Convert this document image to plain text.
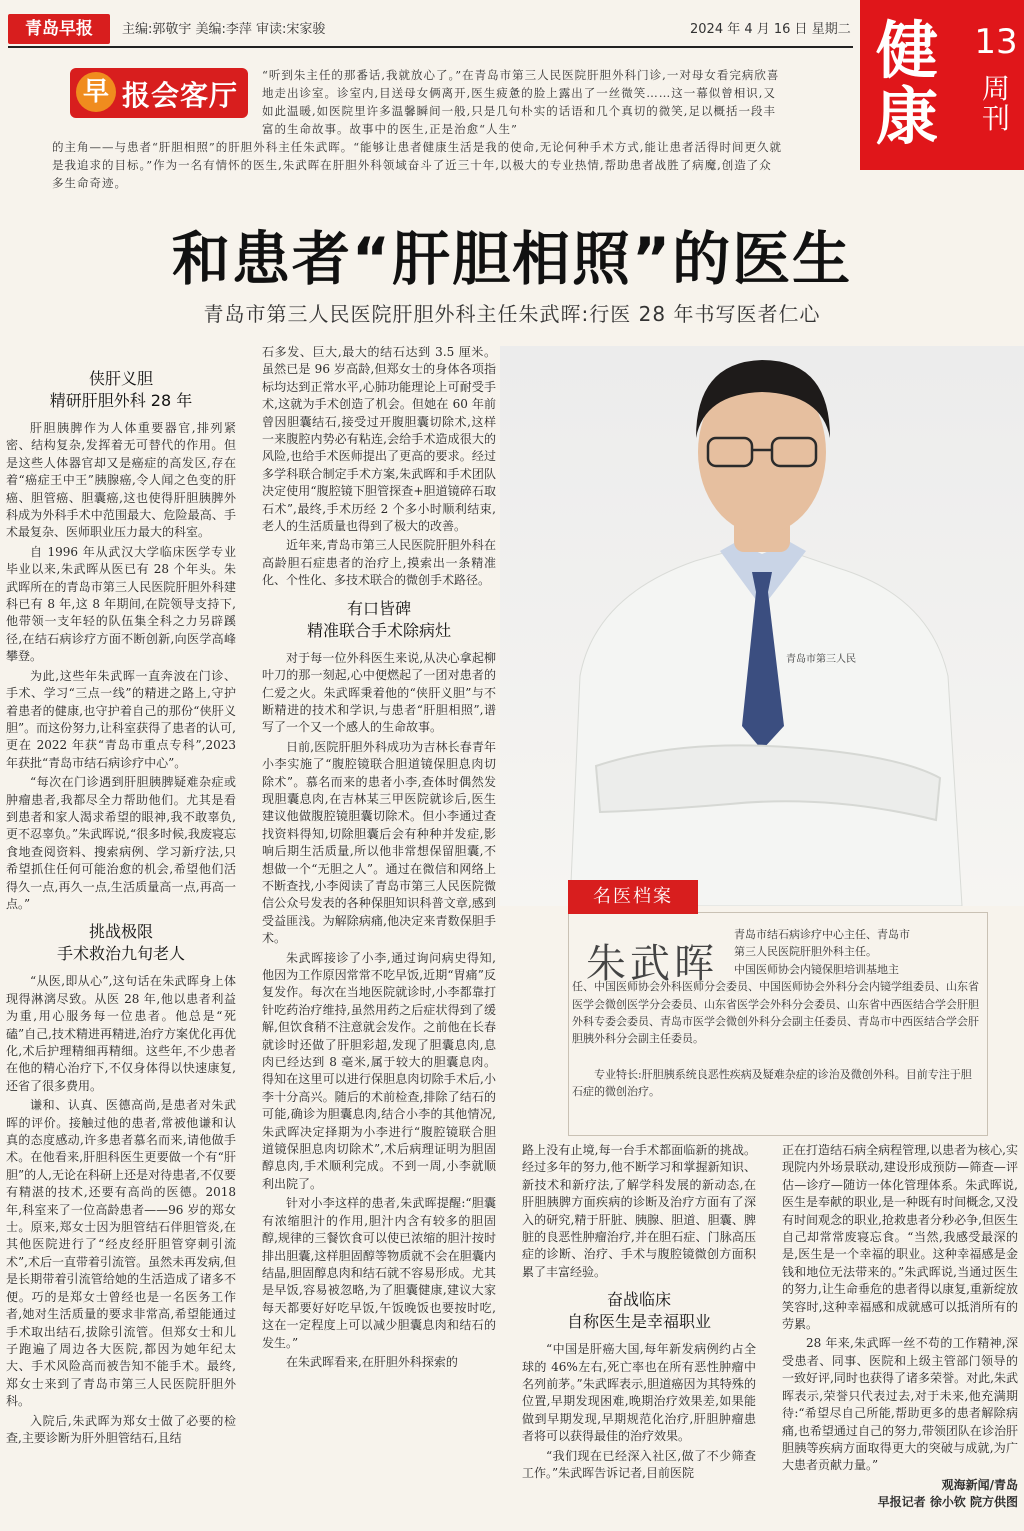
青岛早报	主编:郭敬宇 美编:李萍 审读:宋家骏	2024 年 4 月 16 日 星期二 健康
13
周刊
早 报会客厅
“听到朱主任的那番话,我就放心了。”在青岛市第三人民医院肝胆外科门诊,一对母女看完病欣喜地走出诊室。诊室内,目送母女俩离开,医生疲惫的脸上露出了一丝微笑……这一幕似曾相识,又如此温暖,如医院里许多温馨瞬间一般,只是几句朴实的话语和几个真切的微笑,足以概括一段丰富的生命故事。故事中的医生,正是治愈“人生”
的主角——与患者“肝胆相照”的肝胆外科主任朱武晖。“能够让患者健康生活是我的使命,无论何种手术方式,能让患者活得时间更久就是我追求的目标。”作为一名有情怀的医生,朱武晖在肝胆外科领域奋斗了近三十年,以极大的专业热情,帮助患者战胜了病魔,创造了众多生命奇迹。
和患者“肝胆相照”的医生
青岛市第三人民医院肝胆外科主任朱武晖:行医 28 年书写医者仁心
青岛市第三人民
侠肝义胆
精研肝胆外科 28 年

肝胆胰脾作为人体重要器官,排列紧密、结构复杂,发挥着无可替代的作用。但是这些人体器官却又是癌症的高发区,存在着“癌症王中王”胰腺癌,令人闻之色变的肝癌、胆管癌、胆囊癌,这也使得肝胆胰脾外科成为外科手术中范围最大、危险最高、手术最复杂、医师职业压力最大的科室。

自 1996 年从武汉大学临床医学专业毕业以来,朱武晖从医已有 28 个年头。朱武晖所在的青岛市第三人民医院肝胆外科建科已有 8 年,这 8 年期间,在院领导支持下,他带领一支年轻的队伍集全科之力另辟蹊径,在结石病诊疗方面不断创新,向医学高峰攀登。

为此,这些年朱武晖一直奔波在门诊、手术、学习“三点一线”的精进之路上,守护着患者的健康,也守护着自己的那份“侠肝义胆”。而这份努力,让科室获得了患者的认可,更在 2022 年获“青岛市重点专科”,2023 年获批“青岛市结石病诊疗中心”。

“每次在门诊遇到肝胆胰脾疑难杂症或肿瘤患者,我都尽全力帮助他们。尤其是看到患者和家人渴求希望的眼神,我不敢辜负,更不忍辜负。”朱武晖说,“很多时候,我废寝忘食地查阅资料、搜索病例、学习新疗法,只希望抓住任何可能治愈的机会,希望他们活得久一点,再久一点,生活质量高一点,再高一点。”

挑战极限
手术救治九旬老人

“从医,即从心”,这句话在朱武晖身上体现得淋漓尽致。从医 28 年,他以患者利益为重,用心服务每一位患者。他总是“死磕”自己,技术精进再精进,治疗方案优化再优化,术后护理精细再精细。这些年,不少患者在他的精心治疗下,不仅身体得以快速康复,还省了很多费用。

谦和、认真、医德高尚,是患者对朱武晖的评价。接触过他的患者,常被他谦和认真的态度感动,许多患者慕名而来,请他做手术。在他看来,肝胆科医生更要做一个有“肝胆”的人,无论在科研上还是对待患者,不仅要有精湛的技术,还要有高尚的医德。2018 年,科室来了一位高龄患者——96 岁的郑女士。原来,郑女士因为胆管结石伴胆管炎,在其他医院进行了“经皮经肝胆管穿刺引流术”,术后一直带着引流管。虽然未再发病,但是长期带着引流管给她的生活造成了诸多不便。巧的是郑女士曾经也是一名医务工作者,她对生活质量的要求非常高,希望能通过手术取出结石,拔除引流管。但郑女士和儿子跑遍了周边各大医院,都因为她年纪太大、手术风险高而被告知不能手术。最终,郑女士来到了青岛市第三人民医院肝胆外科。

入院后,朱武晖为郑女士做了必要的检查,主要诊断为肝外胆管结石,且结

石多发、巨大,最大的结石达到 3.5 厘米。虽然已是 96 岁高龄,但郑女士的身体各项指标均达到正常水平,心肺功能理论上可耐受手术,这就为手术创造了机会。但她在 60 年前曾因胆囊结石,接受过开腹胆囊切除术,这样一来腹腔内势必有粘连,会给手术造成很大的风险,也给手术医师提出了更高的要求。经过多学科联合制定手术方案,朱武晖和手术团队决定使用“腹腔镜下胆管探查+胆道镜碎石取石术”,最终,手术历经 2 个多小时顺利结束,老人的生活质量也得到了极大的改善。

近年来,青岛市第三人民医院肝胆外科在高龄胆石症患者的治疗上,摸索出一条精准化、个性化、多技术联合的微创手术路径。

有口皆碑
精准联合手术除病灶

对于每一位外科医生来说,从决心拿起柳叶刀的那一刻起,心中便燃起了一团对患者的仁爱之火。朱武晖秉着他的“侠肝义胆”与不断精进的技术和学识,与患者“肝胆相照”,谱写了一个又一个感人的生命故事。

日前,医院肝胆外科成功为吉林长春青年小李实施了“腹腔镜联合胆道镜保胆息肉切除术”。慕名而来的患者小李,查体时偶然发现胆囊息肉,在吉林某三甲医院就诊后,医生建议他做腹腔镜胆囊切除术。但小李通过查找资料得知,切除胆囊后会有种种并发症,影响后期生活质量,所以他非常想保留胆囊,不想做一个“无胆之人”。通过在微信和网络上不断查找,小李阅读了青岛市第三人民医院微信公众号发表的各种保胆知识科普文章,感到受益匪浅。为解除病痛,他决定来青数保胆手术。

朱武晖接诊了小李,通过询问病史得知,他因为工作原因常常不吃早饭,近期“胃痛”反复发作。每次在当地医院就诊时,小李都靠打针吃药治疗维持,虽然用药之后症状得到了缓解,但饮食稍不注意就会发作。之前他在长春就诊时还做了肝胆彩超,发现了胆囊息肉,息肉已经达到 8 毫米,属于较大的胆囊息肉。得知在这里可以进行保胆息肉切除手术后,小李十分高兴。随后的术前检查,排除了结石的可能,确诊为胆囊息肉,结合小李的其他情况,朱武晖决定择期为小李进行“腹腔镜联合胆道镜保胆息肉切除术”,术后病理证明为胆固醇息肉,手术顺利完成。不到一周,小李就顺利出院了。

针对小李这样的患者,朱武晖提醒:“胆囊有浓缩胆汁的作用,胆汁内含有较多的胆固醇,规律的三餐饮食可以使已浓缩的胆汁按时排出胆囊,这样胆固醇等物质就不会在胆囊内结晶,胆固醇息肉和结石就不容易形成。尤其是早饭,容易被忽略,为了胆囊健康,建议大家每天都要好好吃早饭,午饭晚饭也要按时吃,这在一定程度上可以减少胆囊息肉和结石的发生。”

在朱武晖看来,在肝胆外科探索的

名医档案
朱武晖
青岛市结石病诊疗中心主任、青岛市
第三人民医院肝胆外科主任。
中国医师协会内镜保胆培训基地主
任、中国医师协会外科医师分会委员、中国医师协会外科分会内镜学组委员、山东省医学会微创医学分会委员、山东省医学会外科分会委员、山东省中西医结合学会肝胆外科专委会委员、青岛市医学会微创外科分会副主任委员、青岛市中西医结合学会肝胆胰外科分会副主任委员。
专业特长:肝胆胰系统良恶性疾病及疑难杂症的诊治及微创外科。目前专注于胆石症的微创治疗。

路上没有止境,每一台手术都面临新的挑战。经过多年的努力,他不断学习和掌握新知识、新技术和新疗法,了解学科发展的新动态,在肝胆胰脾方面疾病的诊断及治疗方面有了深入的研究,精于肝脏、胰腺、胆道、胆囊、脾脏的良恶性肿瘤治疗,并在胆石症、门脉高压症的诊断、治疗、手术与腹腔镜微创方面积累了丰富经验。

奋战临床
自称医生是幸福职业

“中国是肝癌大国,每年新发病例约占全球的 46%左右,死亡率也在所有恶性肿瘤中名列前茅。”朱武晖表示,胆道癌因为其特殊的位置,早期发现困难,晚期治疗效果差,如果能做到早期发现,早期规范化治疗,肝胆肿瘤患者将可以获得最佳的治疗效果。

“我们现在已经深入社区,做了不少筛查工作。”朱武晖告诉记者,目前医院

正在打造结石病全病程管理,以患者为核心,实现院内外场景联动,建设形成预防—筛查—评估—诊疗—随访一体化管理体系。朱武晖说,医生是奉献的职业,是一种既有时间概念,又没有时间观念的职业,抢救患者分秒必争,但医生自己却常常废寝忘食。“当然,我感受最深的是,医生是一个幸福的职业。这种幸福感是金钱和地位无法带来的。”朱武晖说,当通过医生的努力,让生命垂危的患者得以康复,重新绽放笑容时,这种幸福感和成就感可以抵消所有的劳累。

28 年来,朱武晖一丝不苟的工作精神,深受患者、同事、医院和上级主管部门领导的一致好评,同时也获得了诸多荣誉。对此,朱武晖表示,荣誉只代表过去,对于未来,他充满期待:“希望尽自己所能,帮助更多的患者解除病痛,也希望通过自己的努力,带领团队在诊治肝胆胰等疾病方面取得更大的突破与成就,为广大患者贡献力量。”

观海新闻/青岛
早报记者 徐小钦 院方供图
